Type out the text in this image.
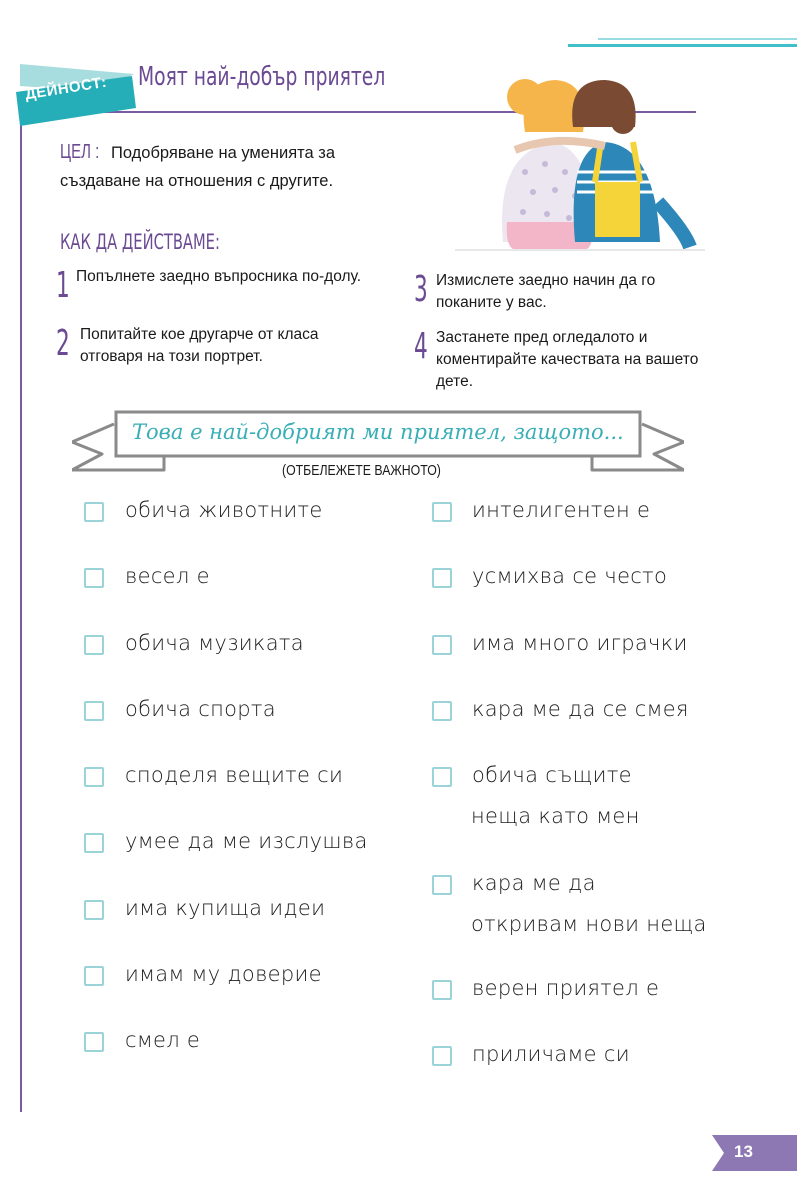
ДЕЙНОСТ:	Моят най-добър приятел
ЦЕЛ : Подобряване на уменията за създаване на отношения с другите.
КАК ДА ДЕЙСТВАМЕ:
1 Попълнете заедно въпросника по-долу.
2 Попитайте кое другарче от класа отговаря на този портрет.
3 Измислете заедно начин да го поканите у вас.
4 Застанете пред огледалото и коментирайте качествата на вашето дете.
Това е най-добрият ми приятел, защото...
(ОТБЕЛЕЖЕТЕ ВАЖНОТО)
обича животните
весел е
обича музиката
обича спорта
споделя вещите си
умее да ме изслушва
има купища идеи
имам му доверие
смел е
интелигентен е
усмихва се често
има много играчки
кара ме да се смея
обича същите
неща като мен
кара ме да
откривам нови неща
верен приятел е
приличаме си
13
